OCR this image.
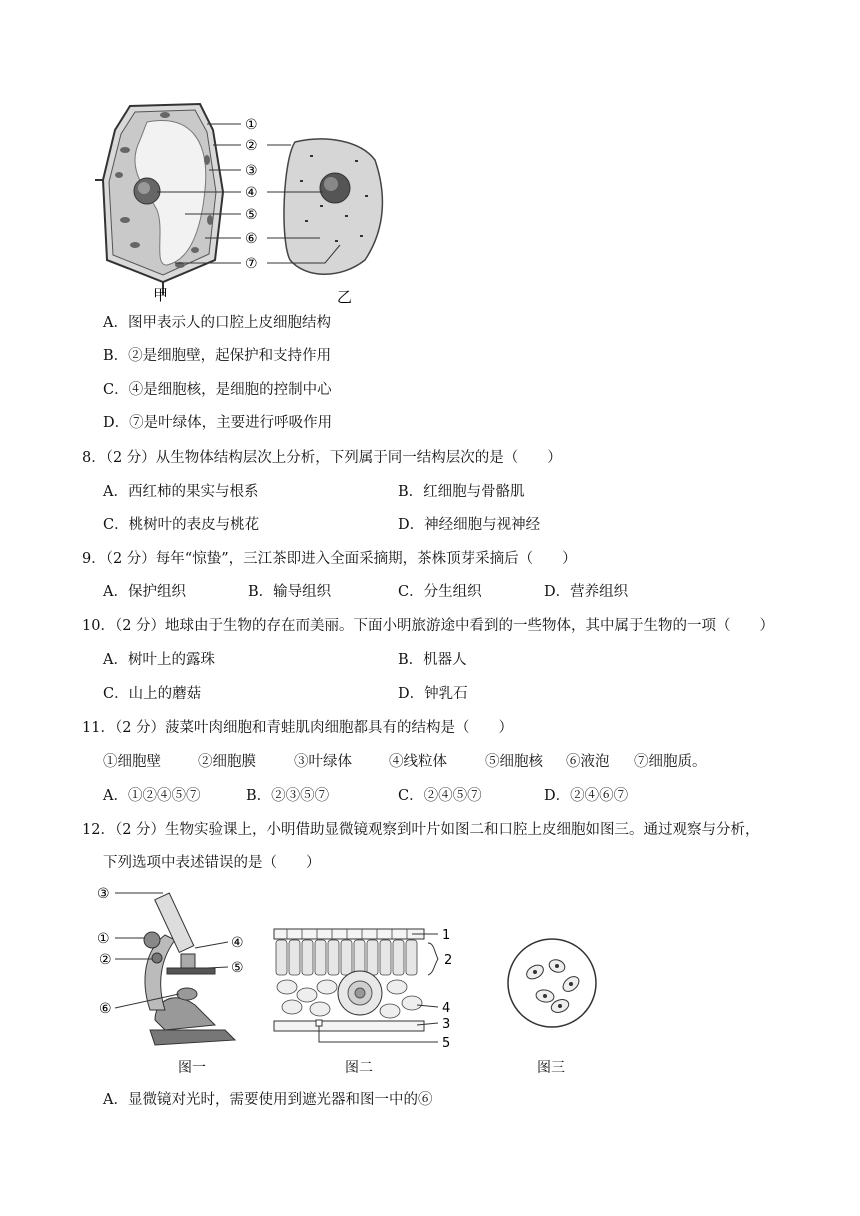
①
②
③
④
⑤
⑥
⑦
甲	乙
A．图甲表示人的口腔上皮细胞结构
B．②是细胞壁，起保护和支持作用
C．④是细胞核，是细胞的控制中心
D．⑦是叶绿体，主要进行呼吸作用
8．（2 分）从生物体结构层次上分析，下列属于同一结构层次的是（　　）
A．西红柿的果实与根系	B．红细胞与骨骼肌
C．桃树叶的表皮与桃花	D．神经细胞与视神经
9．（2 分）每年“惊蛰”，三江茶即进入全面采摘期，茶株顶芽采摘后（　　）
A．保护组织	B．输导组织	C．分生组织	D．营养组织
10．（2 分）地球由于生物的存在而美丽。下面小明旅游途中看到的一些物体，其中属于生物的一项（　　）
A．树叶上的露珠	B．机器人
C．山上的蘑菇	D．钟乳石
11．（2 分）菠菜叶肉细胞和青蛙肌肉细胞都具有的结构是（　　）
①细胞壁	②细胞膜	③叶绿体	④线粒体	⑤细胞核 ⑥液泡 ⑦细胞质。
A．①②④⑤⑦	B．②③⑤⑦	C．②④⑤⑦	D．②④⑥⑦
12．（2 分）生物实验课上，小明借助显微镜观察到叶片如图二和口腔上皮细胞如图三。通过观察与分析，
下列选项中表述错误的是（　　）
③
①	④
②	⑤
⑥
1
2
4
3
5
图一	图二	图三
A．显微镜对光时，需要使用到遮光器和图一中的⑥
